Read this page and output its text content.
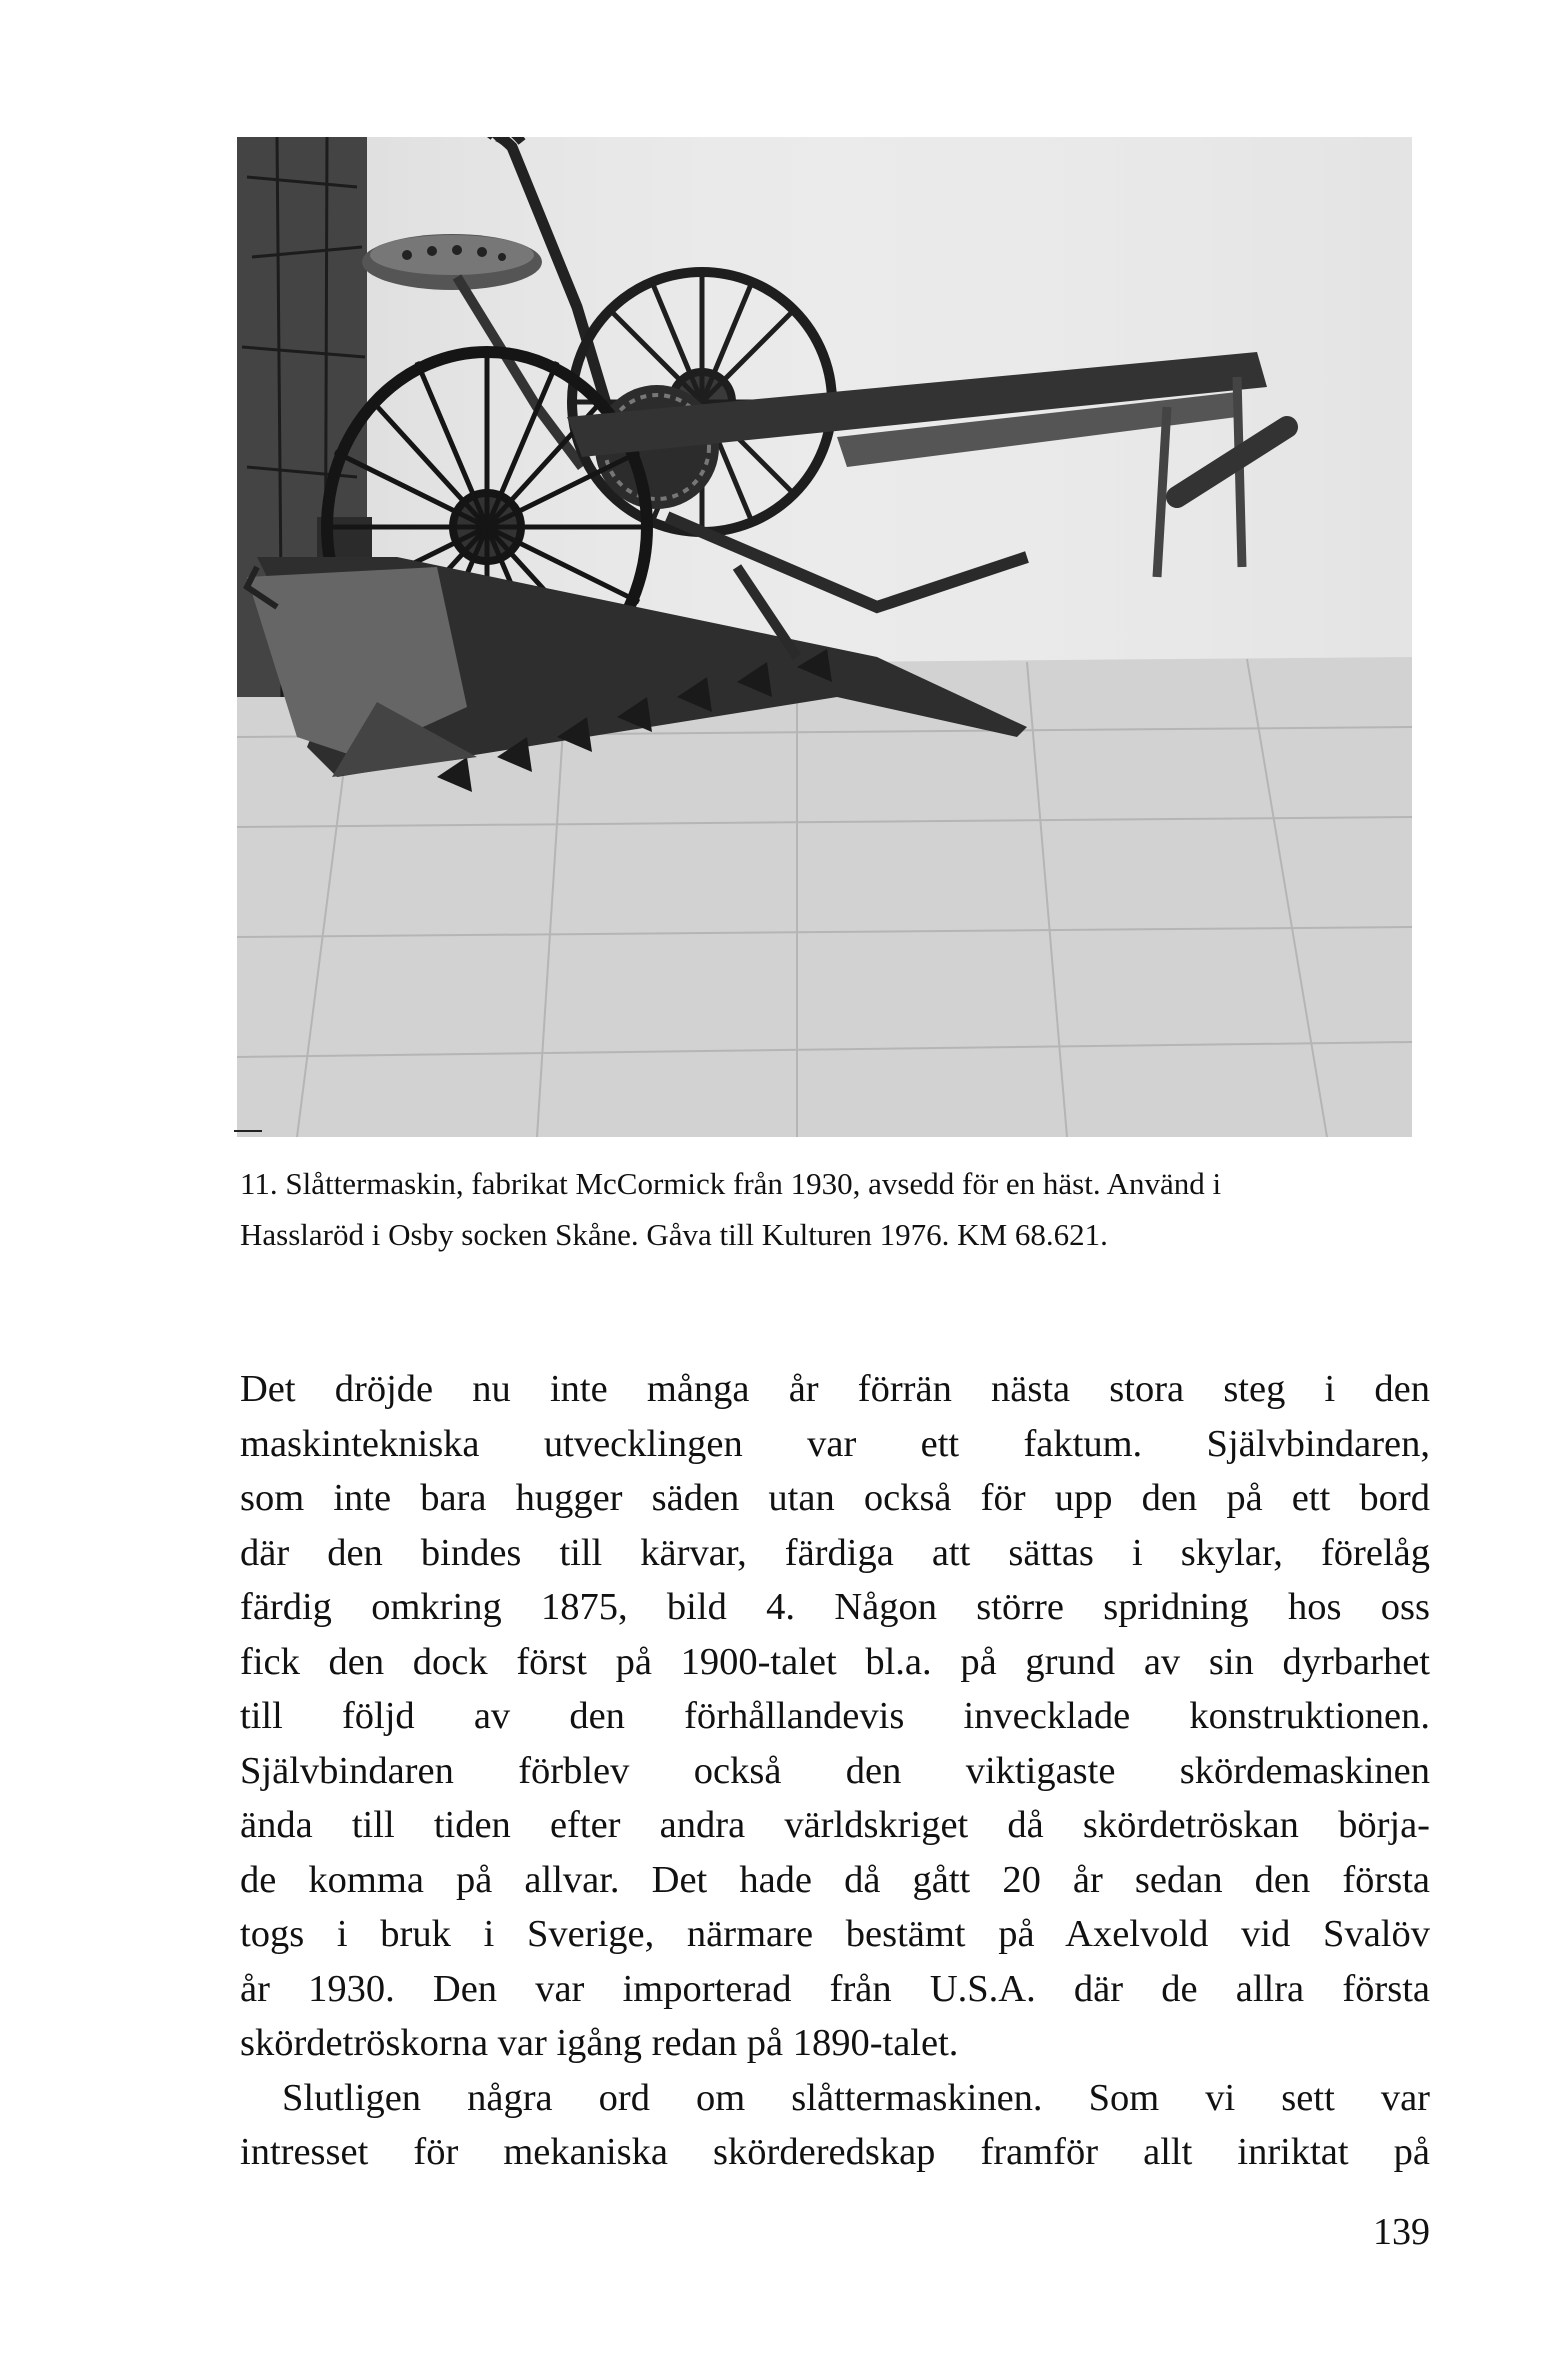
11. Slåttermaskin, fabrikat McCormick från 1930, avsedd för en häst. Använd i
Hasslaröd i Osby socken Skåne. Gåva till Kulturen 1976. KM 68.621.
Det dröjde nu inte många år förrän nästa stora steg i den
maskintekniska utvecklingen var ett faktum. Självbindaren,
som inte bara hugger säden utan också för upp den på ett bord
där den bindes till kärvar, färdiga att sättas i skylar, förelåg
färdig omkring 1875, bild 4. Någon större spridning hos oss
fick den dock först på 1900-talet bl.a. på grund av sin dyrbarhet
till följd av den förhållandevis invecklade konstruktionen.
Självbindaren förblev också den viktigaste skördemaskinen
ända till tiden efter andra världskriget då skördetröskan börja-
de komma på allvar. Det hade då gått 20 år sedan den första
togs i bruk i Sverige, närmare bestämt på Axelvold vid Svalöv
år 1930. Den var importerad från U.S.A. där de allra första
skördetröskorna var igång redan på 1890-talet.
Slutligen några ord om slåttermaskinen. Som vi sett var
intresset för mekaniska skörderedskap framför allt inriktat på
139
